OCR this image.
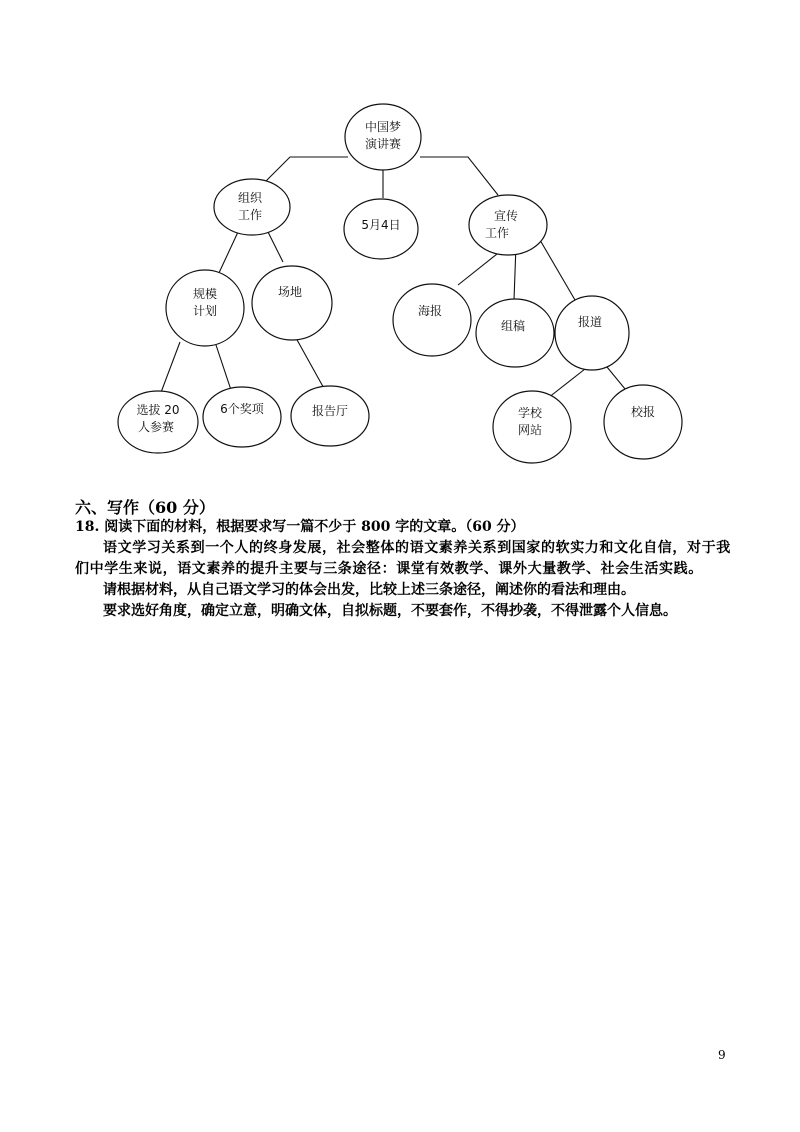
中国梦
演讲赛
组织
工作
5月4日
宣传
工作
规模
计划
场地
选拔 20
人参赛
6个奖项	报告厅
海报
组稿	报道
学校
网站
校报
六、写作（60 分）

18. 阅读下面的材料，根据要求写一篇不少于 800 字的文章。（60 分）

语文学习关系到一个人的终身发展，社会整体的语文素养关系到国家的软实力和文化自信，对于我们中学生来说，语文素养的提升主要与三条途径：课堂有效教学、课外大量教学、社会生活实践。

请根据材料，从自己语文学习的体会出发，比较上述三条途径，阐述你的看法和理由。

要求选好角度，确定立意，明确文体，自拟标题，不要套作，不得抄袭，不得泄露个人信息。

9
